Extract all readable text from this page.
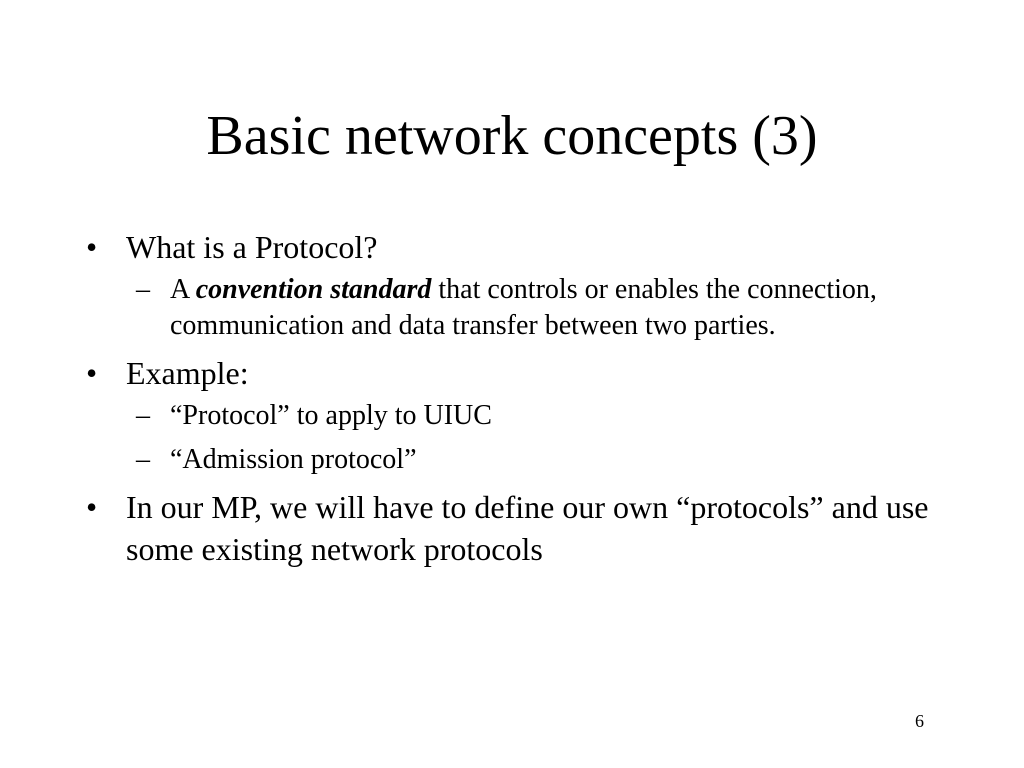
Basic network concepts (3)
• What is a Protocol?
– A convention standard that controls or enables the connection, communication and data transfer between two parties.
• Example:
– “Protocol” to apply to UIUC
– “Admission protocol”
• In our MP, we will have to define our own “protocols” and use some existing network protocols
6
